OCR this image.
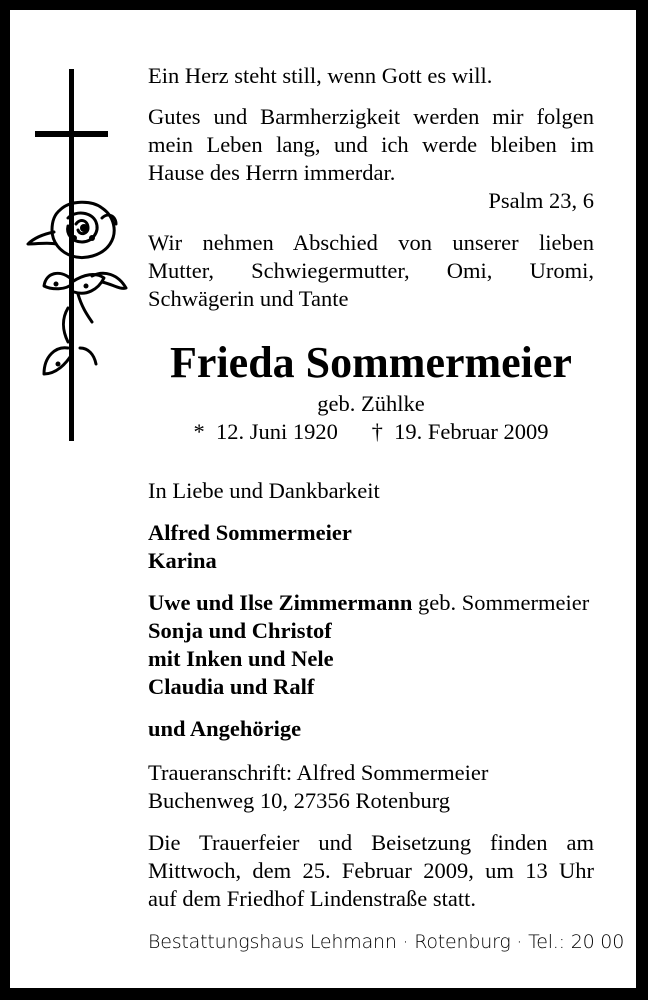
Ein Herz steht still, wenn Gott es will.
Gutes und Barmherzigkeit werden mir folgen
mein Leben lang, und ich werde bleiben im
Hause des Herrn immerdar.
Psalm 23, 6
Wir nehmen Abschied von unserer lieben
Mutter, Schwiegermutter, Omi, Uromi,
Schwägerin und Tante
Frieda Sommermeier
geb. Zühlke
* 12. Juni 1920 † 19. Februar 2009
In Liebe und Dankbarkeit
Alfred Sommermeier
Karina
Uwe und Ilse Zimmermann geb. Sommermeier
Sonja und Christof
mit Inken und Nele
Claudia und Ralf
und Angehörige
Traueranschrift: Alfred Sommermeier
Buchenweg 10, 27356 Rotenburg
Die Trauerfeier und Beisetzung finden am
Mittwoch, dem 25. Februar 2009, um 13 Uhr
auf dem Friedhof Lindenstraße statt.
Bestattungshaus Lehmann · Rotenburg · Tel.: 20 00
